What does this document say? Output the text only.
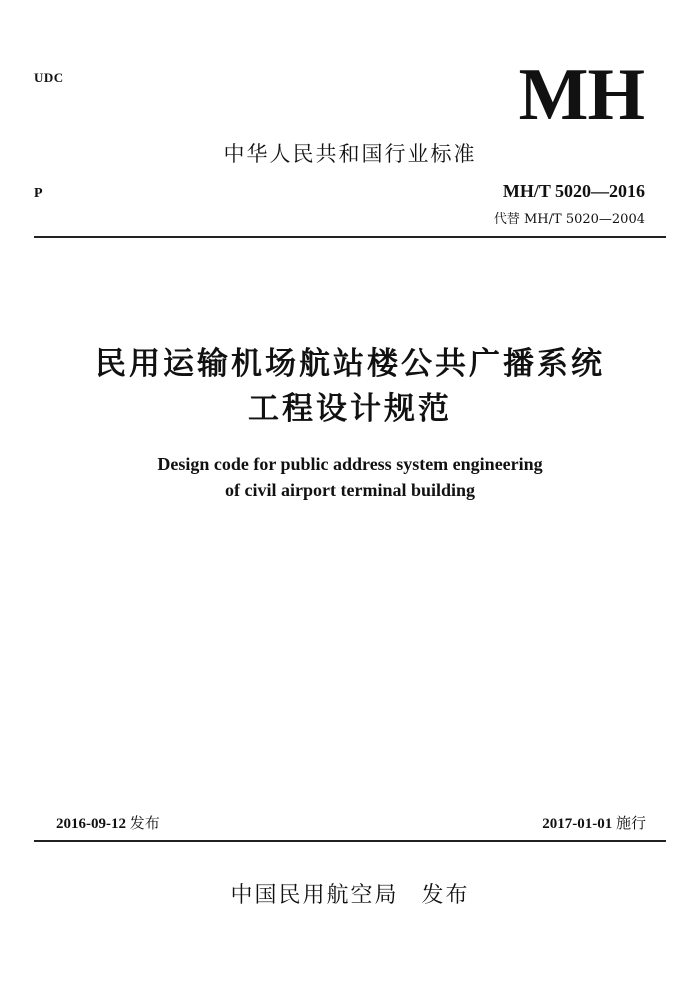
UDC	MH
中华人民共和国行业标准
P	MH/T 5020—2016
代替 MH/T 5020—2004
民用运输机场航站楼公共广播系统
工程设计规范
Design code for public address system engineering
of civil airport terminal building
2016-09-12 发布	2017-01-01 施行
中国民用航空局 发布
